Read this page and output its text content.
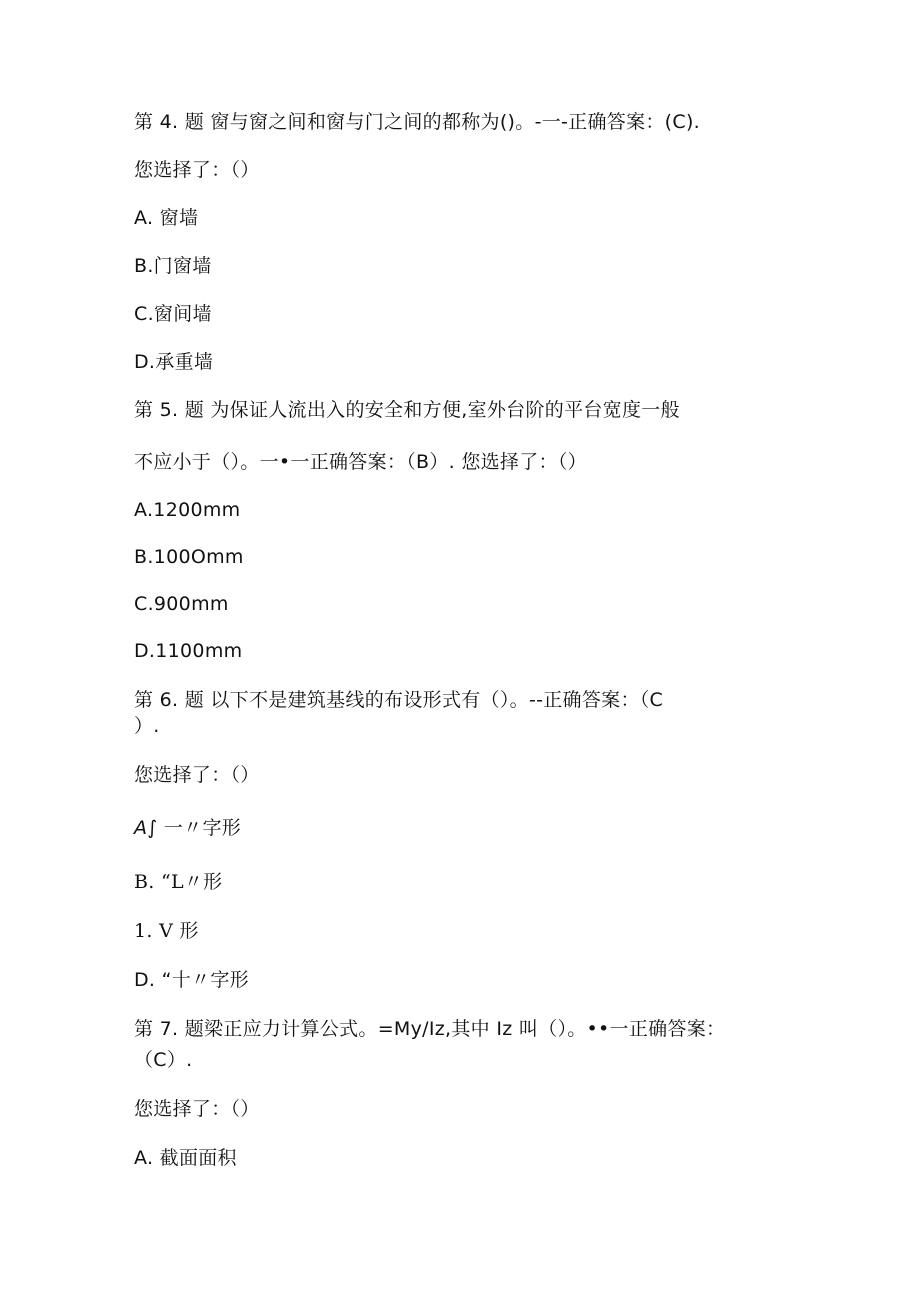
第 4. 题 窗与窗之间和窗与门之间的都称为()。-一-正确答案：(C).

您选择了：（）

A. 窗墙

B.门窗墙

C.窗间墙

D.承重墙

第 5. 题 为保证人流出入的安全和方便,室外台阶的平台宽度一般

不应小于（）。一•一正确答案：（B）. 您选择了：（）

A.1200mm

B.100Omm

C.900mm

D.1100mm

第 6. 题 以下不是建筑基线的布设形式有（）。--正确答案：（C

）.

您选择了：（）

A∫ 一〃字形

B. “L〃形

1. V 形

D. “十〃字形

第 7. 题梁正应力计算公式。=My/Iz,其中 Iz 叫（）。••一正确答案：

（C）.

您选择了：（）

A. 截面面积
